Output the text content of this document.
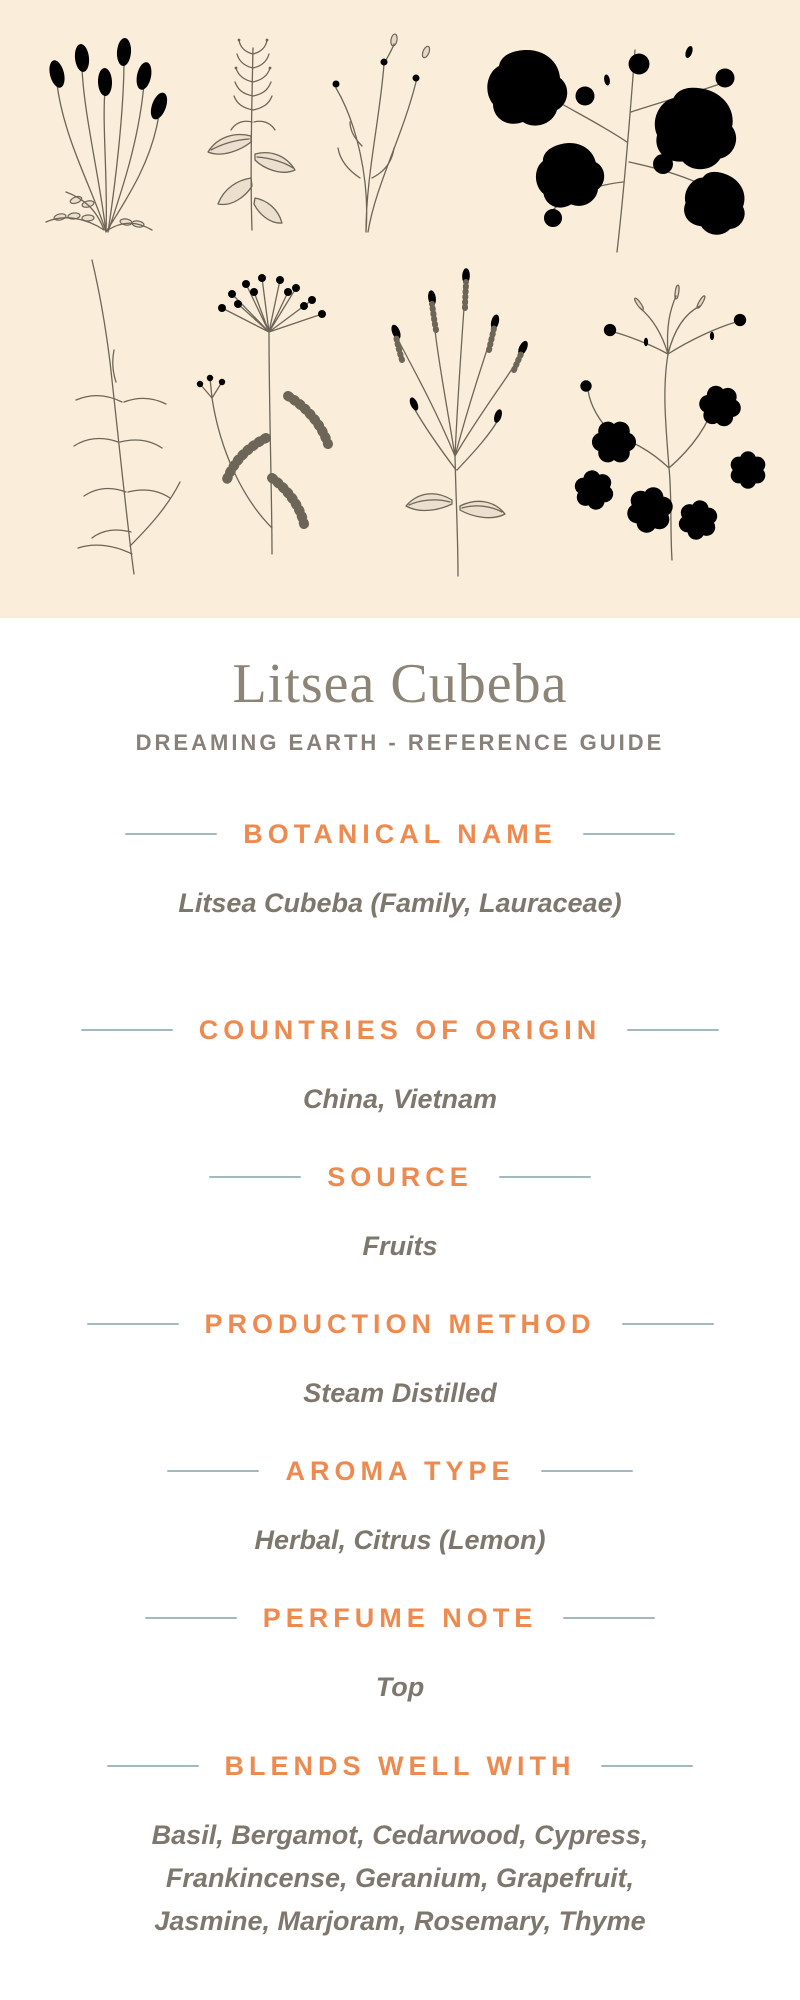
Litsea Cubeba
DREAMING EARTH - REFERENCE GUIDE
BOTANICAL NAME

Litsea Cubeba (Family, Lauraceae)

COUNTRIES OF ORIGIN

China, Vietnam

SOURCE

Fruits

PRODUCTION METHOD

Steam Distilled

AROMA TYPE

Herbal, Citrus (Lemon)

PERFUME NOTE

Top

BLENDS WELL WITH

Basil, Bergamot, Cedarwood, Cypress, Frankincense, Geranium, Grapefruit, Jasmine, Marjoram, Rosemary, Thyme
